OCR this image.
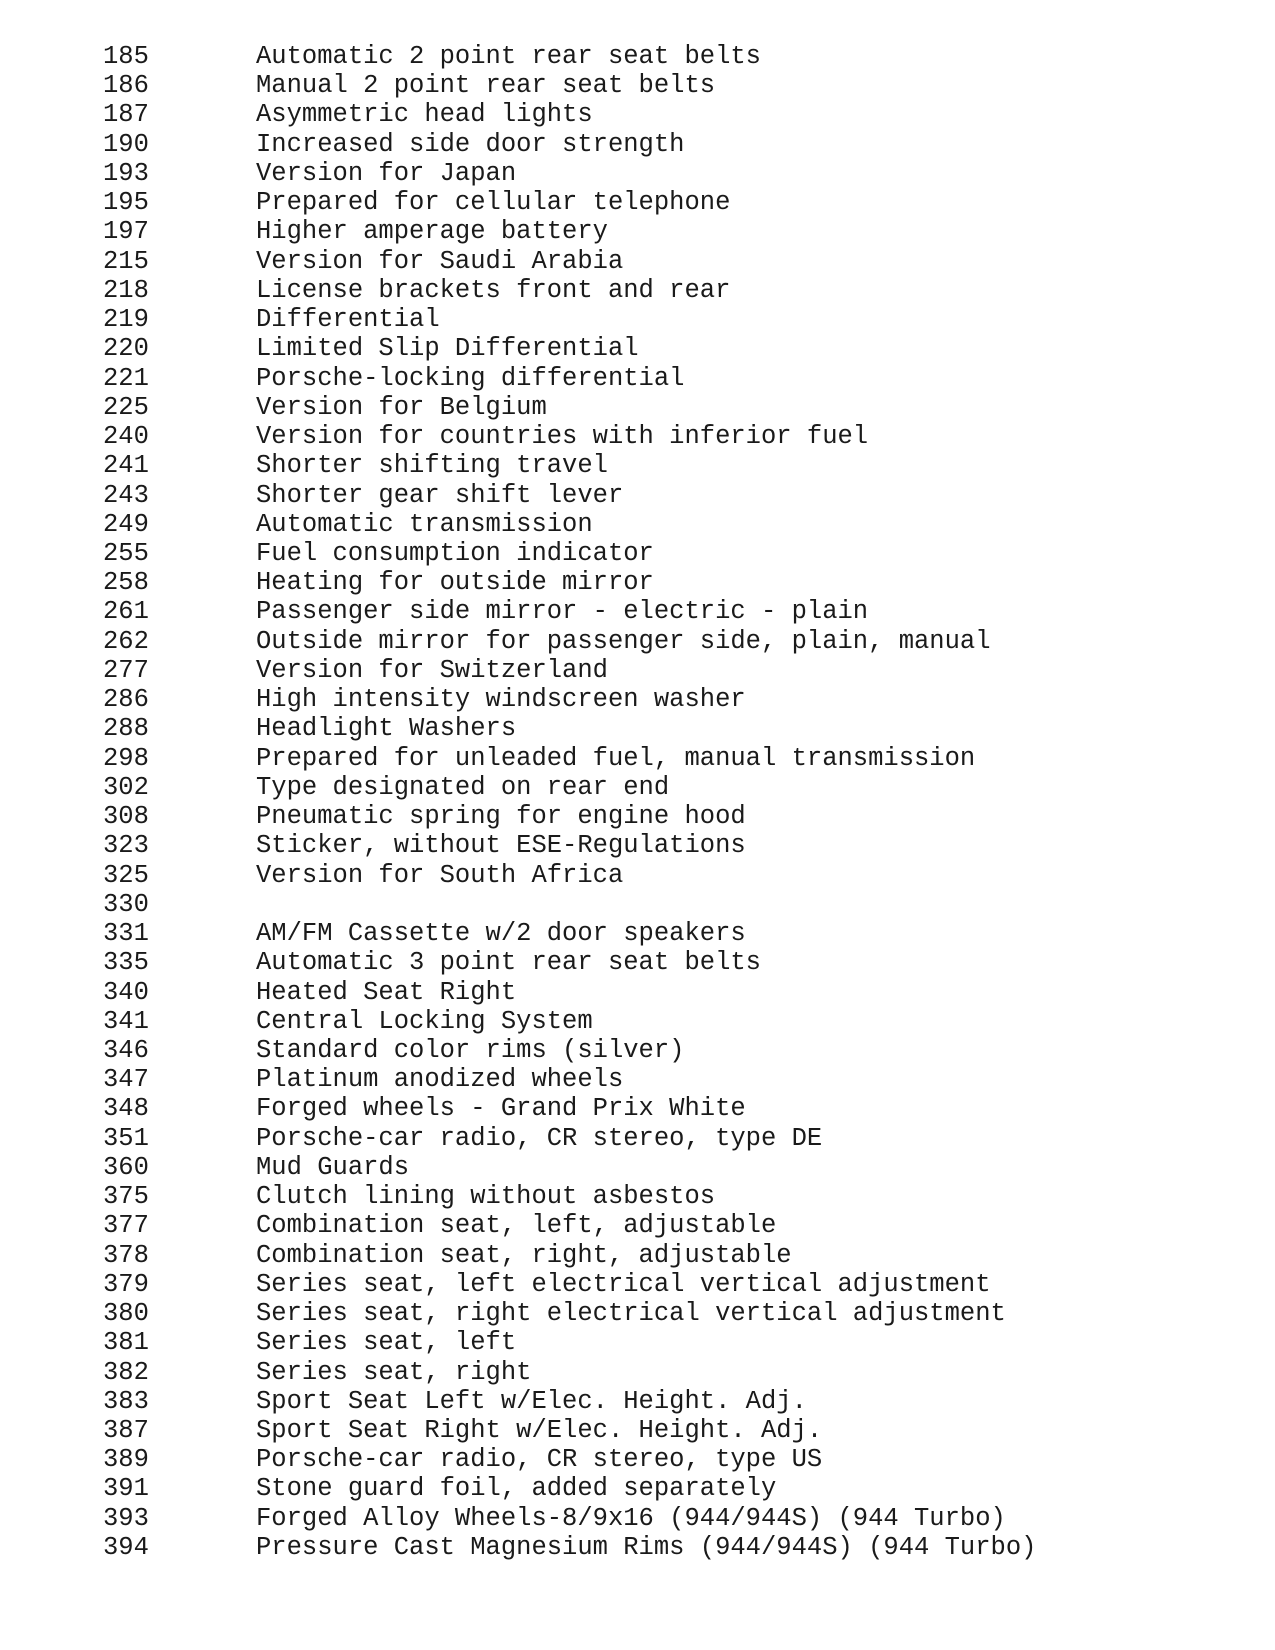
185	Automatic 2 point rear seat belts
186	Manual 2 point rear seat belts
187	Asymmetric head lights
190	Increased side door strength
193	Version for Japan
195	Prepared for cellular telephone
197	Higher amperage battery
215	Version for Saudi Arabia
218	License brackets front and rear
219	Differential
220	Limited Slip Differential
221	Porsche-locking differential
225	Version for Belgium
240	Version for countries with inferior fuel
241	Shorter shifting travel
243	Shorter gear shift lever
249	Automatic transmission
255	Fuel consumption indicator
258	Heating for outside mirror
261	Passenger side mirror - electric - plain
262	Outside mirror for passenger side, plain, manual
277	Version for Switzerland
286	High intensity windscreen washer
288	Headlight Washers
298	Prepared for unleaded fuel, manual transmission
302	Type designated on rear end
308	Pneumatic spring for engine hood
323	Sticker, without ESE-Regulations
325	Version for South Africa
330
331	AM/FM Cassette w/2 door speakers
335	Automatic 3 point rear seat belts
340	Heated Seat Right
341	Central Locking System
346	Standard color rims (silver)
347	Platinum anodized wheels
348	Forged wheels - Grand Prix White
351	Porsche-car radio, CR stereo, type DE
360	Mud Guards
375	Clutch lining without asbestos
377	Combination seat, left, adjustable
378	Combination seat, right, adjustable
379	Series seat, left electrical vertical adjustment
380	Series seat, right electrical vertical adjustment
381	Series seat, left
382	Series seat, right
383	Sport Seat Left w/Elec. Height. Adj.
387	Sport Seat Right w/Elec. Height. Adj.
389	Porsche-car radio, CR stereo, type US
391	Stone guard foil, added separately
393	Forged Alloy Wheels-8/9x16 (944/944S) (944 Turbo)
394	Pressure Cast Magnesium Rims (944/944S) (944 Turbo)
